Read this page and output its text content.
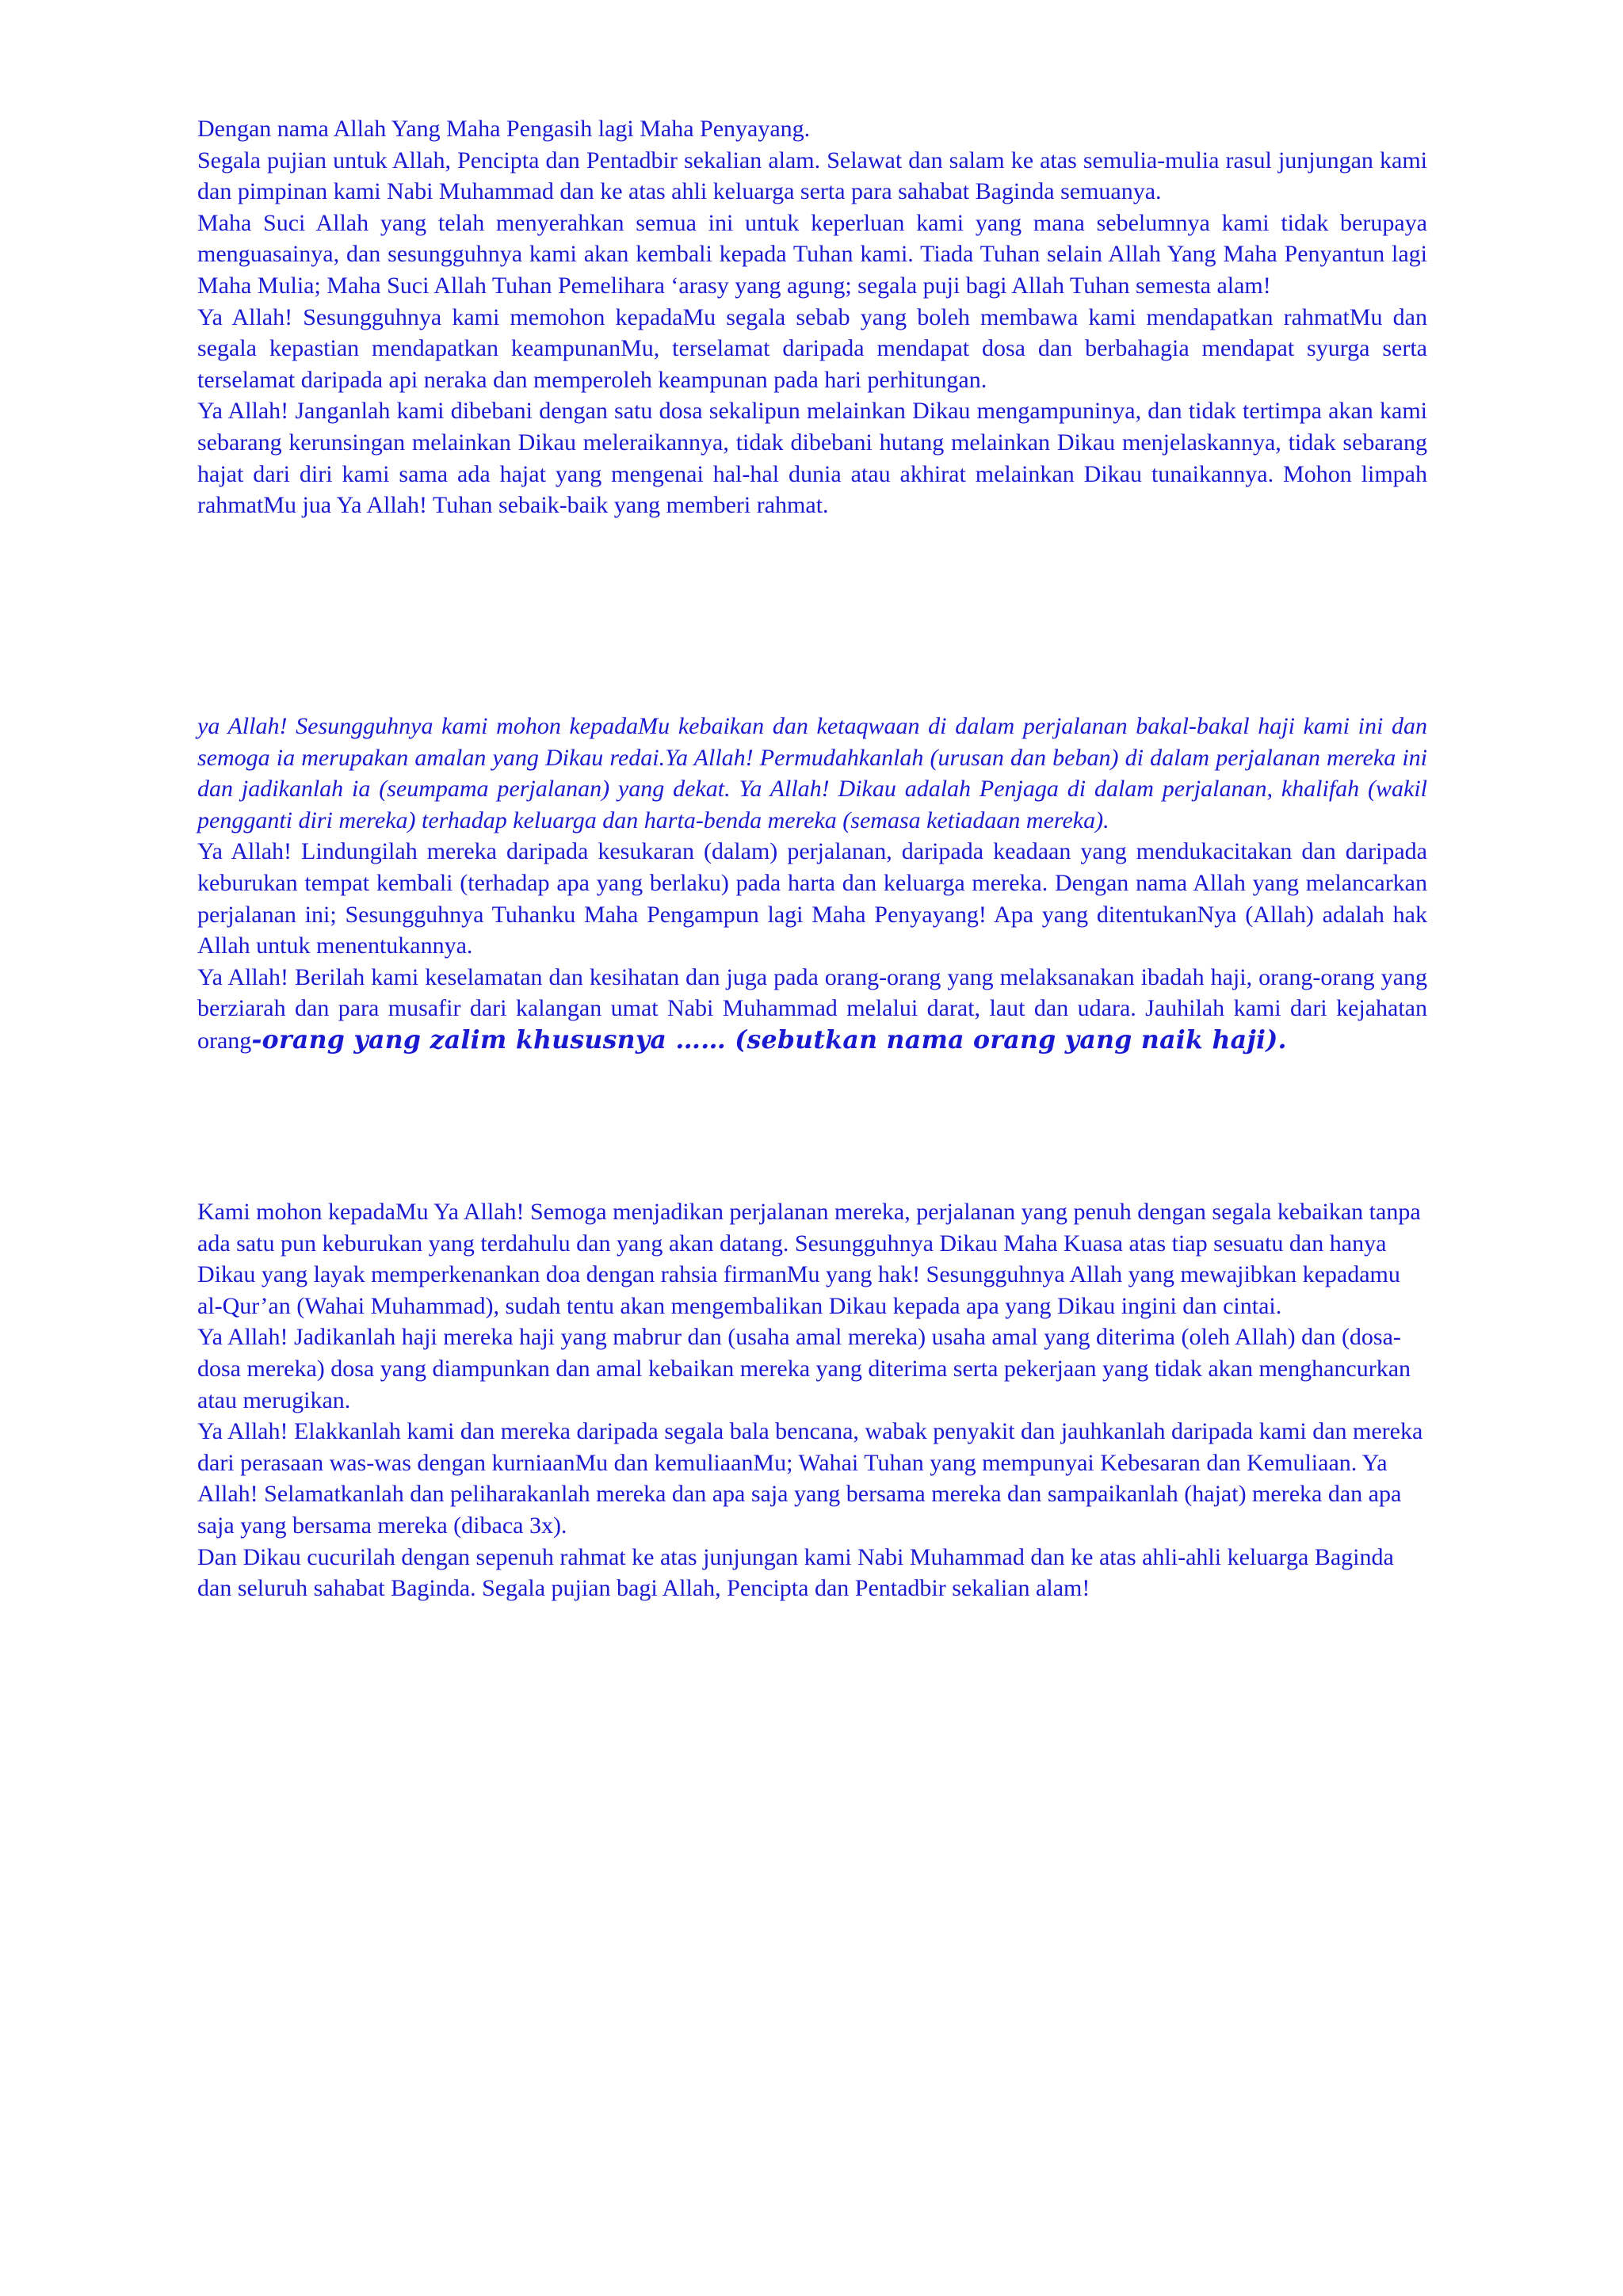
Dengan nama Allah Yang Maha Pengasih lagi Maha Penyayang.

Segala pujian untuk Allah, Pencipta dan Pentadbir sekalian alam. Selawat dan salam ke atas semulia-mulia rasul junjungan kami dan pimpinan kami Nabi Muhammad dan ke atas ahli keluarga serta para sahabat Baginda semuanya.

Maha Suci Allah yang telah menyerahkan semua ini untuk keperluan kami yang mana sebelumnya kami tidak berupaya menguasainya, dan sesungguhnya kami akan kembali kepada Tuhan kami. Tiada Tuhan selain Allah Yang Maha Penyantun lagi Maha Mulia; Maha Suci Allah Tuhan Pemelihara ‘arasy yang agung; segala puji bagi Allah Tuhan semesta alam!

Ya Allah! Sesungguhnya kami memohon kepadaMu segala sebab yang boleh membawa kami mendapatkan rahmatMu dan segala kepastian mendapatkan keampunanMu, terselamat daripada mendapat dosa dan berbahagia mendapat syurga serta terselamat daripada api neraka dan memperoleh keampunan pada hari perhitungan.

Ya Allah! Janganlah kami dibebani dengan satu dosa sekalipun melainkan Dikau mengampuninya, dan tidak tertimpa akan kami sebarang kerunsingan melainkan Dikau meleraikannya, tidak dibebani hutang melainkan Dikau menjelaskannya, tidak sebarang hajat dari diri kami sama ada hajat yang mengenai hal-hal dunia atau akhirat melainkan Dikau tunaikannya. Mohon limpah rahmatMu jua Ya Allah! Tuhan sebaik-baik yang memberi rahmat.

ya Allah! Sesungguhnya kami mohon kepadaMu kebaikan dan ketaqwaan di dalam perjalanan bakal-bakal haji kami ini dan semoga ia merupakan amalan yang Dikau redai.Ya Allah! Permudahkanlah (urusan dan beban) di dalam perjalanan mereka ini dan jadikanlah ia (seumpama perjalanan) yang dekat. Ya Allah! Dikau adalah Penjaga di dalam perjalanan, khalifah (wakil pengganti diri mereka) terhadap keluarga dan harta-benda mereka (semasa ketiadaan mereka).

Ya Allah! Lindungilah mereka daripada kesukaran (dalam) perjalanan, daripada keadaan yang mendukacitakan dan daripada keburukan tempat kembali (terhadap apa yang berlaku) pada harta dan keluarga mereka. Dengan nama Allah yang melancarkan perjalanan ini; Sesungguhnya Tuhanku Maha Pengampun lagi Maha Penyayang! Apa yang ditentukanNya (Allah) adalah hak Allah untuk menentukannya.

Ya Allah! Berilah kami keselamatan dan kesihatan dan juga pada orang-orang yang melaksanakan ibadah haji, orang-orang yang berziarah dan para musafir dari kalangan umat Nabi Muhammad melalui darat, laut dan udara. Jauhilah kami dari kejahatan orang-orang yang zalim khususnya …… (sebutkan nama orang yang naik haji).

Kami mohon kepadaMu Ya Allah! Semoga menjadikan perjalanan mereka, perjalanan yang penuh dengan segala kebaikan tanpa ada satu pun keburukan yang terdahulu dan yang akan datang. Sesungguhnya Dikau Maha Kuasa atas tiap sesuatu dan hanya Dikau yang layak memperkenankan doa dengan rahsia firmanMu yang hak! Sesungguhnya Allah yang mewajibkan kepadamu al-Qur’an (Wahai Muhammad), sudah tentu akan mengembalikan Dikau kepada apa yang Dikau ingini dan cintai.

Ya Allah! Jadikanlah haji mereka haji yang mabrur dan (usaha amal mereka) usaha amal yang diterima (oleh Allah) dan (dosa-dosa mereka) dosa yang diampunkan dan amal kebaikan mereka yang diterima serta pekerjaan yang tidak akan menghancurkan atau merugikan.

Ya Allah! Elakkanlah kami dan mereka daripada segala bala bencana, wabak penyakit dan jauhkanlah daripada kami dan mereka dari perasaan was-was dengan kurniaanMu dan kemuliaanMu; Wahai Tuhan yang mempunyai Kebesaran dan Kemuliaan. Ya Allah! Selamatkanlah dan peliharakanlah mereka dan apa saja yang bersama mereka dan sampaikanlah (hajat) mereka dan apa saja yang bersama mereka (dibaca 3x).

Dan Dikau cucurilah dengan sepenuh rahmat ke atas junjungan kami Nabi Muhammad dan ke atas ahli-ahli keluarga Baginda dan seluruh sahabat Baginda. Segala pujian bagi Allah, Pencipta dan Pentadbir sekalian alam!
